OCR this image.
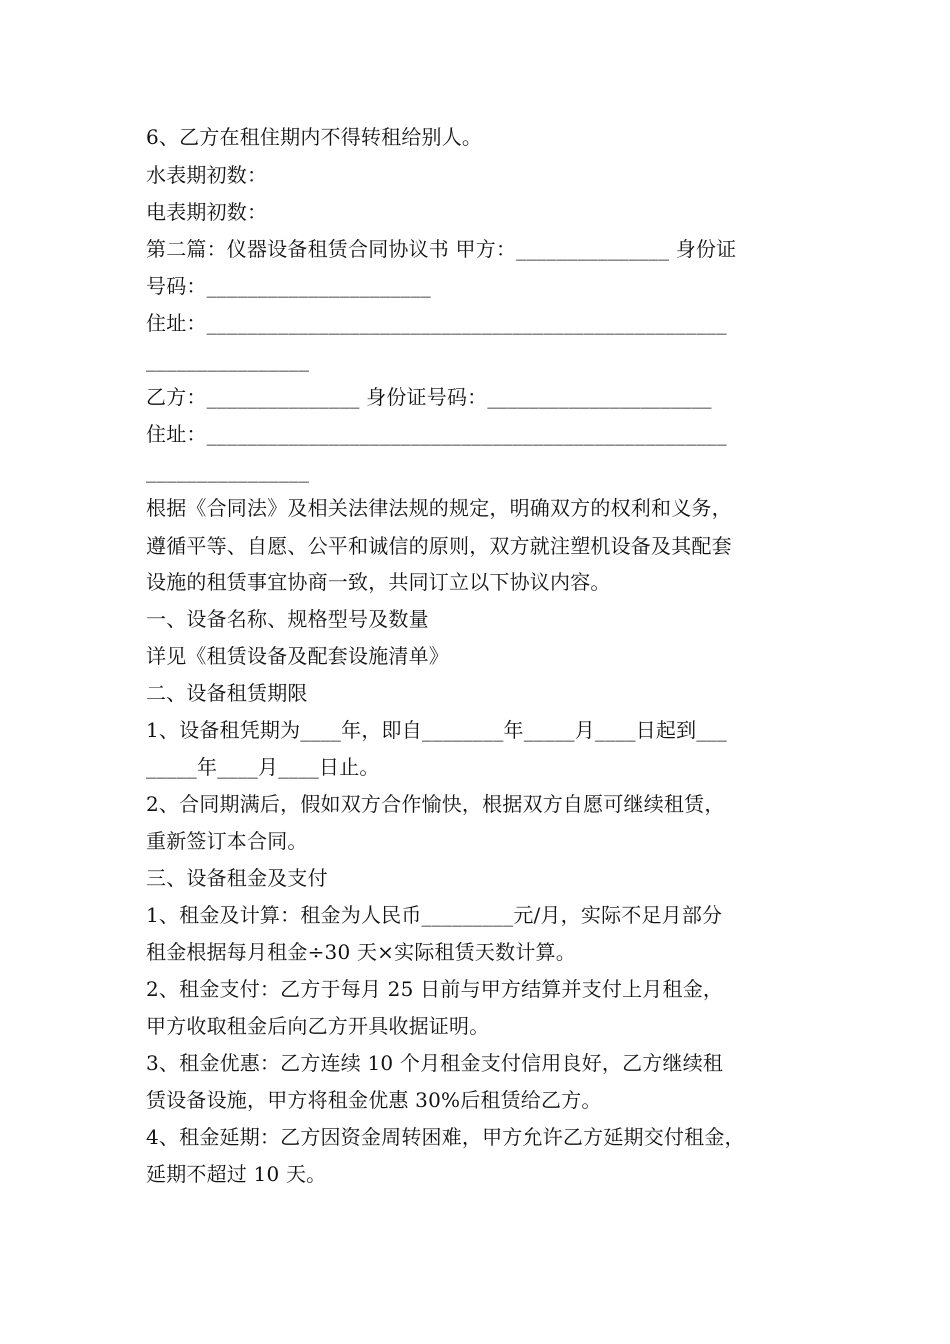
6、乙方在租住期内不得转租给别人。
水表期初数：
电表期初数：
第二篇：仪器设备租赁合同协议书 甲方：_______________ 身份证
号码：______________________
住址：___________________________________________________
________________
乙方：_______________ 身份证号码：______________________
住址：___________________________________________________
________________
根据《合同法》及相关法律法规的规定，明确双方的权利和义务，
遵循平等、自愿、公平和诚信的原则，双方就注塑机设备及其配套
设施的租赁事宜协商一致，共同订立以下协议内容。
一、设备名称、规格型号及数量
详见《租赁设备及配套设施清单》
二、设备租赁期限
1、设备租凭期为____年，即自________年_____月____日起到___
_____年____月____日止。
2、合同期满后，假如双方合作愉快，根据双方自愿可继续租赁，
重新签订本合同。
三、设备租金及支付
1、租金及计算：租金为人民币_________元/月，实际不足月部分
租金根据每月租金÷30 天×实际租赁天数计算。
2、租金支付：乙方于每月 25 日前与甲方结算并支付上月租金，
甲方收取租金后向乙方开具收据证明。
3、租金优惠：乙方连续 10 个月租金支付信用良好，乙方继续租
赁设备设施，甲方将租金优惠 30%后租赁给乙方。
4、租金延期：乙方因资金周转困难，甲方允许乙方延期交付租金，
延期不超过 10 天。
